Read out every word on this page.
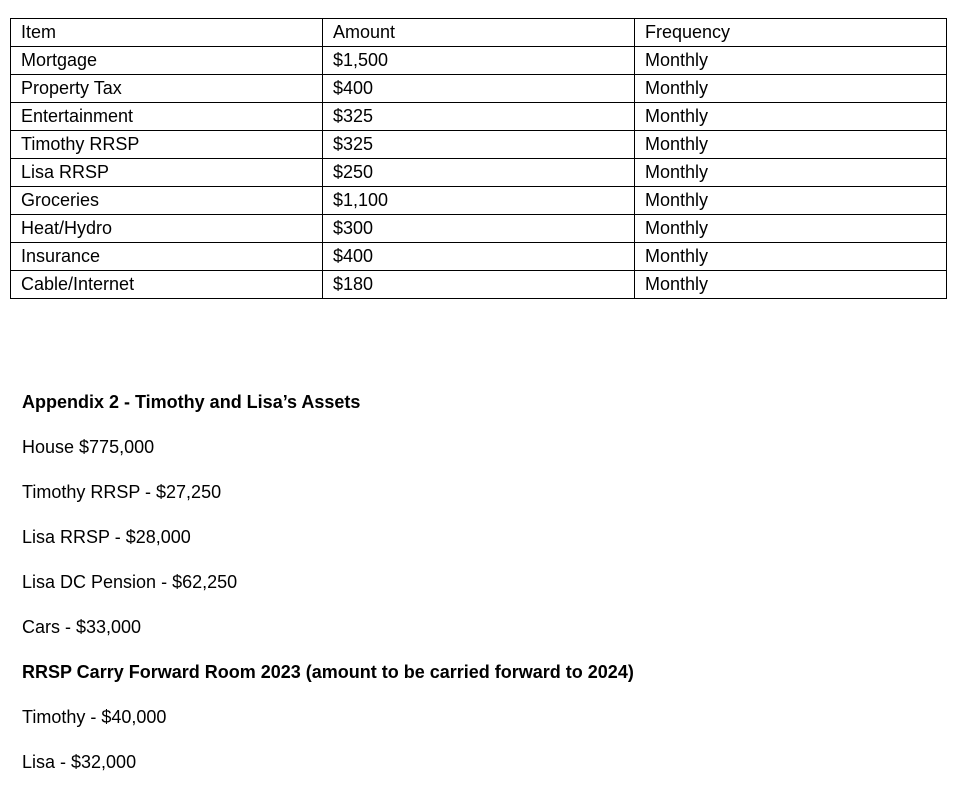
Item	Amount	Frequency
Mortgage	$1,500	Monthly
Property Tax	$400	Monthly
Entertainment	$325	Monthly
Timothy RRSP	$325	Monthly
Lisa RRSP	$250	Monthly
Groceries	$1,100	Monthly
Heat/Hydro	$300	Monthly
Insurance	$400	Monthly
Cable/Internet	$180	Monthly

Appendix 2 - Timothy and Lisa’s Assets

House $775,000

Timothy RRSP - $27,250

Lisa RRSP - $28,000

Lisa DC Pension - $62,250

Cars - $33,000

RRSP Carry Forward Room 2023 (amount to be carried forward to 2024)

Timothy - $40,000

Lisa - $32,000
